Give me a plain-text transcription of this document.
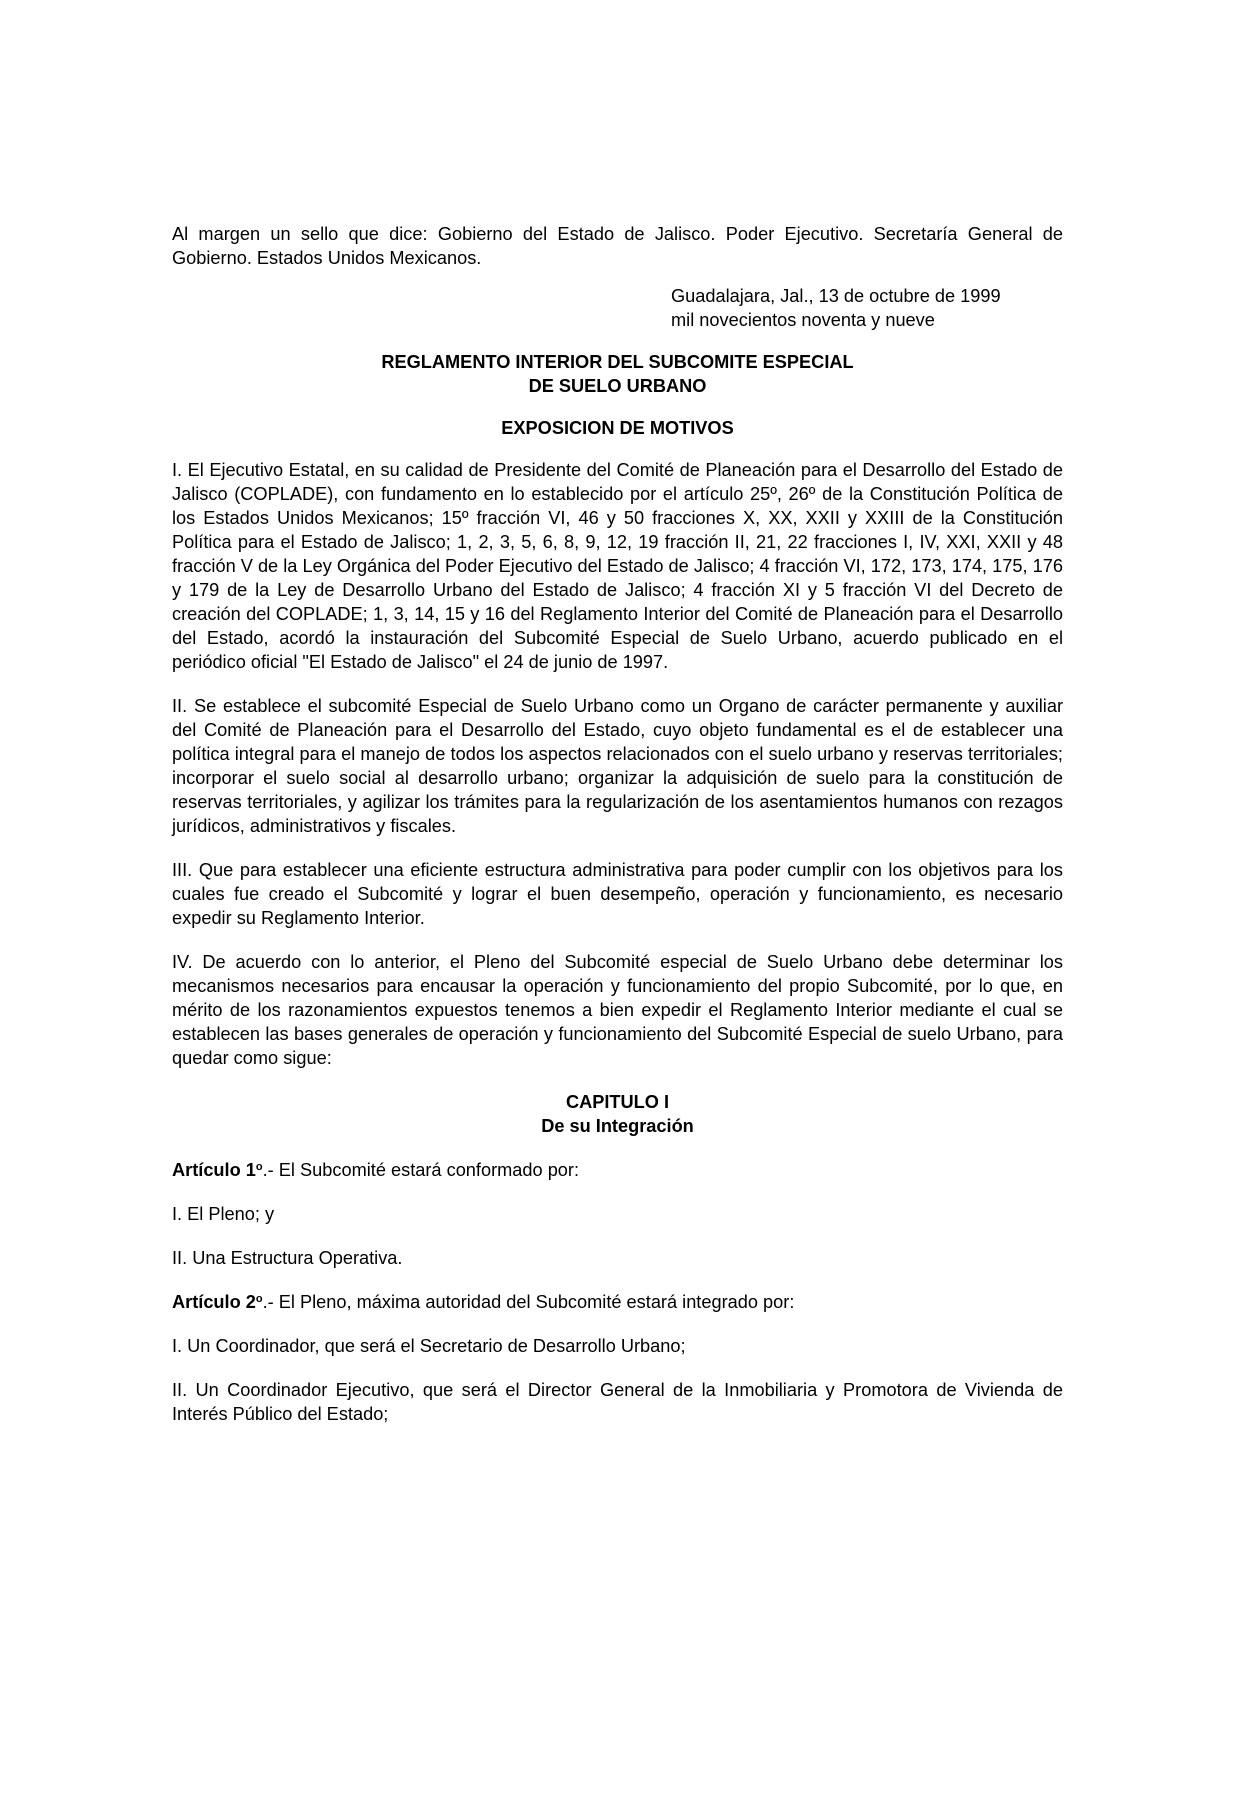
Al margen un sello que dice: Gobierno del Estado de Jalisco. Poder Ejecutivo. Secretaría General de Gobierno. Estados Unidos Mexicanos.

Guadalajara, Jal., 13 de octubre de 1999

mil novecientos noventa y nueve

REGLAMENTO INTERIOR DEL SUBCOMITE ESPECIAL

DE SUELO URBANO

EXPOSICION DE MOTIVOS

I. El Ejecutivo Estatal, en su calidad de Presidente del Comité de Planeación para el Desarrollo del Estado de Jalisco (COPLADE), con fundamento en lo establecido por el artículo 25º, 26º de la Constitución Política de los Estados Unidos Mexicanos; 15º fracción VI, 46 y 50 fracciones X, XX, XXII y XXIII de la Constitución Política para el Estado de Jalisco; 1, 2, 3, 5, 6, 8, 9, 12, 19 fracción II, 21, 22 fracciones I, IV, XXI, XXII y 48 fracción V de la Ley Orgánica del Poder Ejecutivo del Estado de Jalisco; 4 fracción VI, 172, 173, 174, 175, 176 y 179 de la Ley de Desarrollo Urbano del Estado de Jalisco; 4 fracción XI y 5 fracción VI del Decreto de creación del COPLADE; 1, 3, 14, 15 y 16 del Reglamento Interior del Comité de Planeación para el Desarrollo del Estado, acordó la instauración del Subcomité Especial de Suelo Urbano, acuerdo publicado en el periódico oficial "El Estado de Jalisco" el 24 de junio de 1997.

II. Se establece el subcomité Especial de Suelo Urbano como un Organo de carácter permanente y auxiliar del Comité de Planeación para el Desarrollo del Estado, cuyo objeto fundamental es el de establecer una política integral para el manejo de todos los aspectos relacionados con el suelo urbano y reservas territoriales; incorporar el suelo social al desarrollo urbano; organizar la adquisición de suelo para la constitución de reservas territoriales, y agilizar los trámites para la regularización de los asentamientos humanos con rezagos jurídicos, administrativos y fiscales.

III. Que para establecer una eficiente estructura administrativa para poder cumplir con los objetivos para los cuales fue creado el Subcomité y lograr el buen desempeño, operación y funcionamiento, es necesario expedir su Reglamento Interior.

IV. De acuerdo con lo anterior, el Pleno del Subcomité especial de Suelo Urbano debe determinar los mecanismos necesarios para encausar la operación y funcionamiento del propio Subcomité, por lo que, en mérito de los razonamientos expuestos tenemos a bien expedir el Reglamento Interior mediante el cual se establecen las bases generales de operación y funcionamiento del Subcomité Especial de suelo Urbano, para quedar como sigue:

CAPITULO I

De su Integración

Artículo 1$^o$.- El Subcomité estará conformado por:

I. El Pleno; y

II. Una Estructura Operativa.

Artículo 2$^o$.- El Pleno, máxima autoridad del Subcomité estará integrado por:

I. Un Coordinador, que será el Secretario de Desarrollo Urbano;

II. Un Coordinador Ejecutivo, que será el Director General de la Inmobiliaria y Promotora de Vivienda de Interés Público del Estado;
